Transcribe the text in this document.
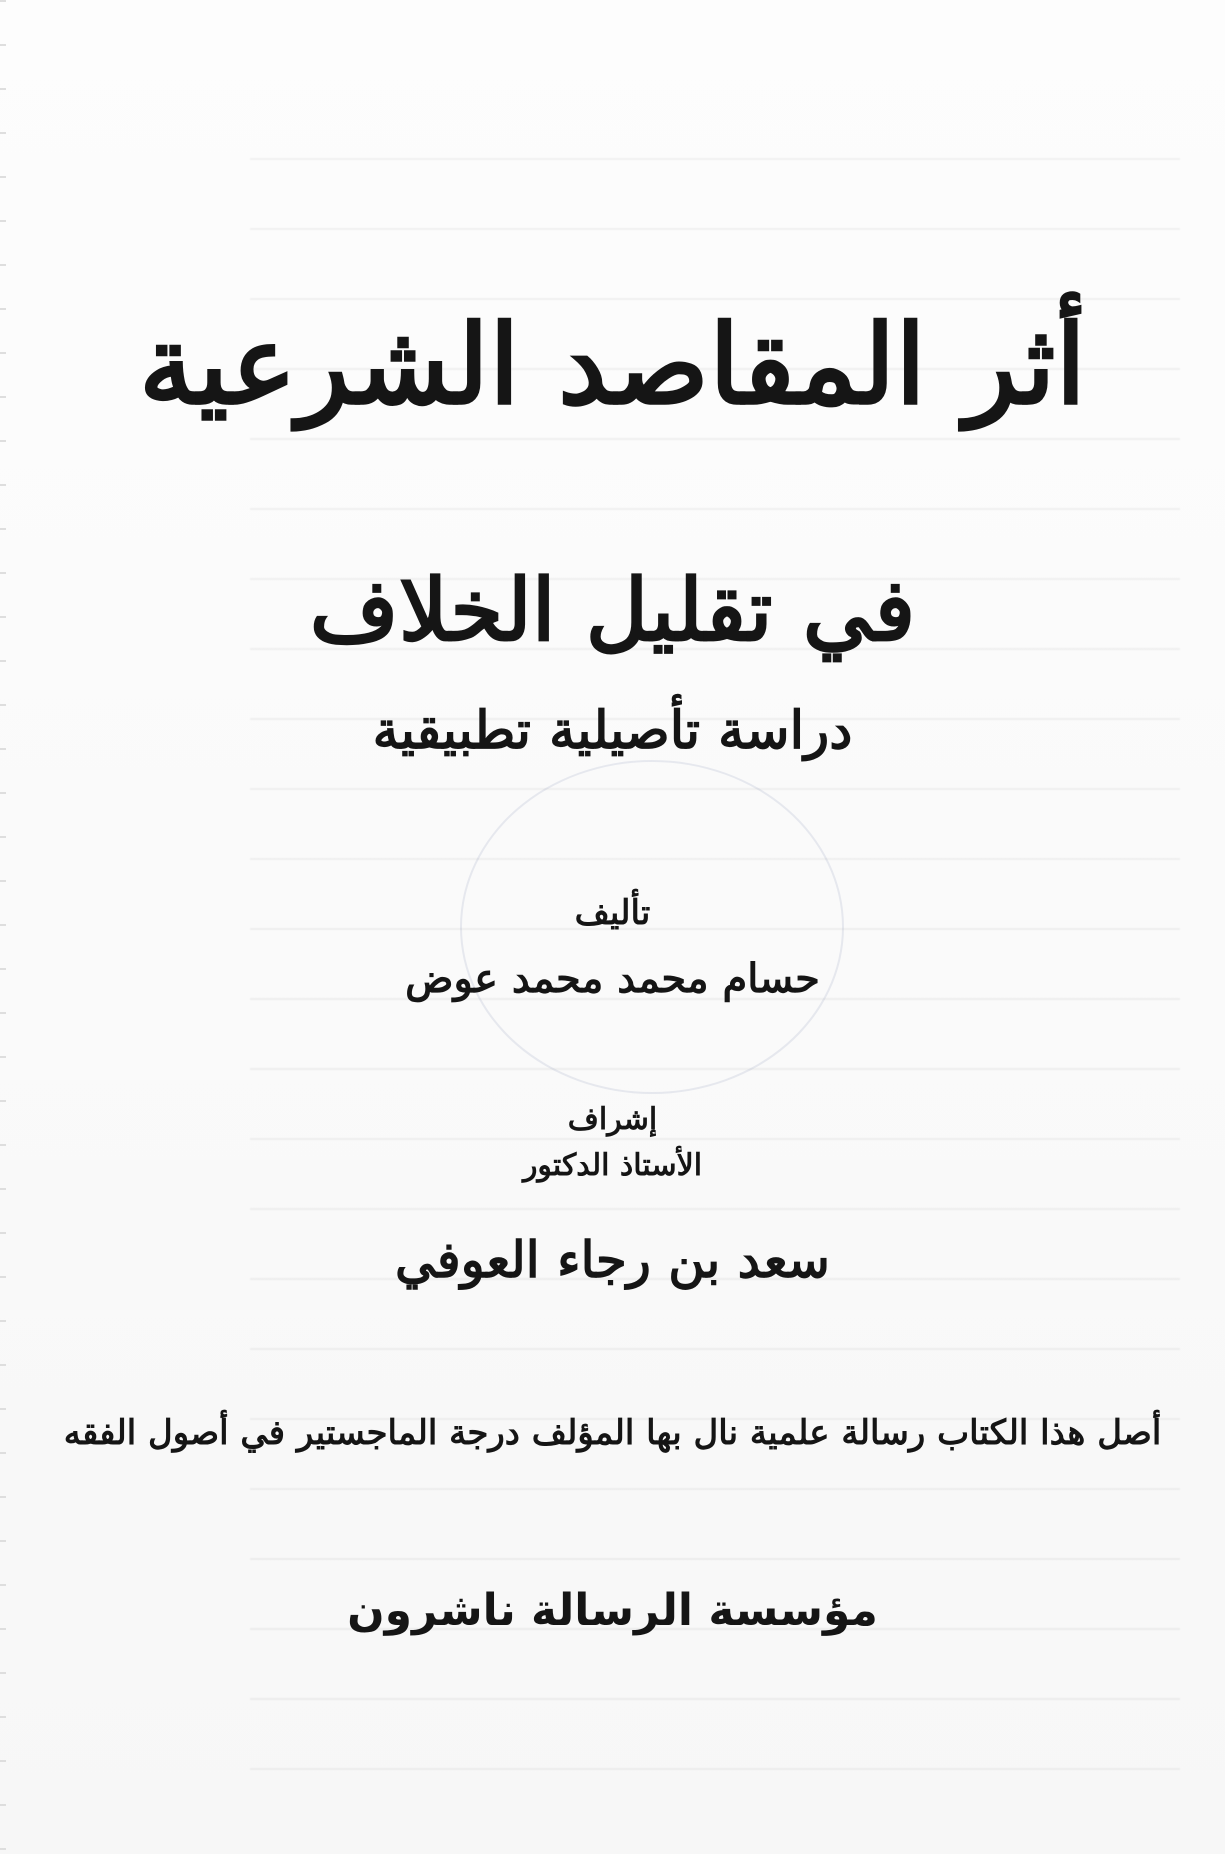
أثر المقاصد الشرعية
في تقليل الخلاف
دراسة تأصيلية تطبيقية
تأليف
حسام محمد محمد عوض
إشراف
الأستاذ الدكتور
سعد بن رجاء العوفي
أصل هذا الكتاب رسالة علمية نال بها المؤلف درجة الماجستير في أصول الفقه
مؤسسة الرسالة ناشرون
